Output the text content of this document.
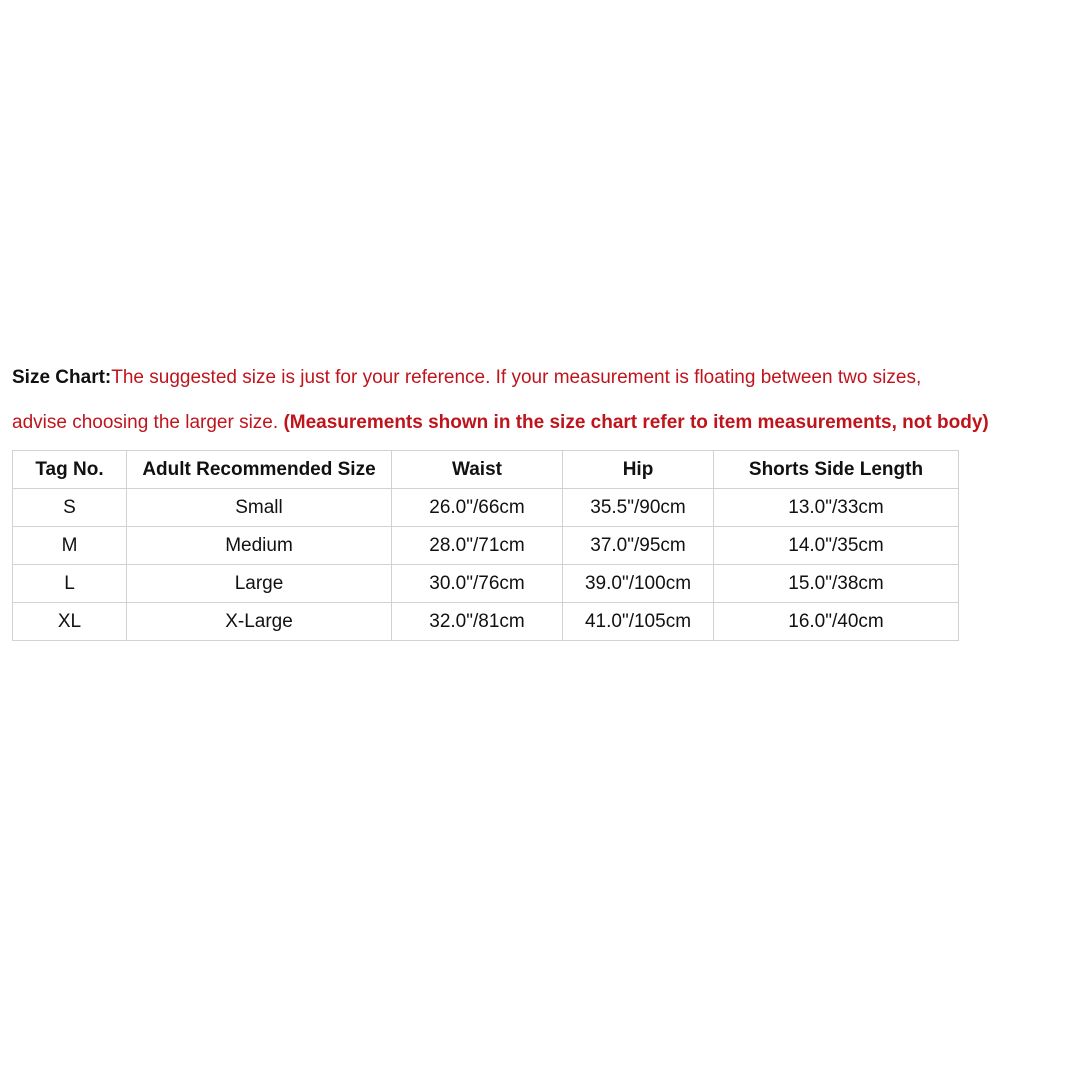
Size Chart:The suggested size is just for your reference. If your measurement is floating between two sizes,
advise choosing the larger size. (Measurements shown in the size chart refer to item measurements, not body)
Tag No.	Adult Recommended Size	Waist	Hip	Shorts Side Length
S	Small	26.0"/66cm	35.5"/90cm	13.0"/33cm
M	Medium	28.0"/71cm	37.0"/95cm	14.0"/35cm
L	Large	30.0"/76cm	39.0"/100cm	15.0"/38cm
XL	X-Large	32.0"/81cm	41.0"/105cm	16.0"/40cm
